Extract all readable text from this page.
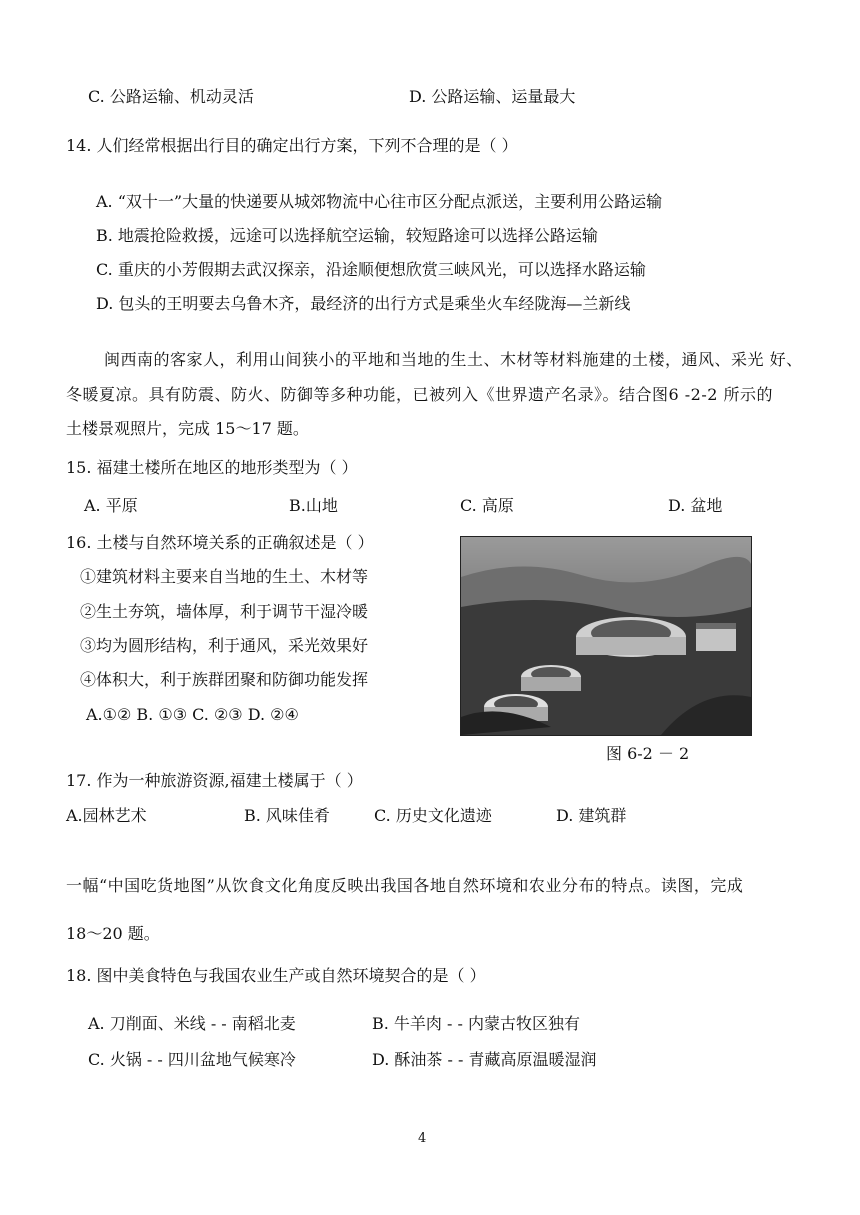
C. 公路运输、机动灵活	D. 公路运输、运量最大
14. 人们经常根据出行目的确定出行方案，下列不合理的是（ ）
A. “双十一”大量的快递要从城郊物流中心往市区分配点派送，主要利用公路运输
B. 地震抢险救援，远途可以选择航空运输，较短路途可以选择公路运输
C. 重庆的小芳假期去武汉探亲，沿途顺便想欣赏三峡风光，可以选择水路运输
D. 包头的王明要去乌鲁木齐，最经济的出行方式是乘坐火车经陇海—兰新线
闽西南的客家人，利用山间狭小的平地和当地的生土、木材等材料施建的土楼，通风、采光 好、
冬暖夏凉。具有防震、防火、防御等多种功能，已被列入《世界遗产名录》。结合图6 -2-2 所示的
土楼景观照片，完成 15～17 题。
15. 福建土楼所在地区的地形类型为（ ）
A. 平原	B.山地	C. 高原	D. 盆地
16. 土楼与自然环境关系的正确叙述是（ ）
①建筑材料主要来自当地的生土、木材等
②生土夯筑，墙体厚，利于调节干湿冷暖
③均为圆形结构，利于通风，采光效果好
④体积大，利于族群团聚和防御功能发挥
A.①② B. ①③ C. ②③ D. ②④
图 6-2 － 2
17. 作为一种旅游资源,福建土楼属于（ ）
A.园林艺术	B. 风味佳肴	C. 历史文化遗迹	D. 建筑群
一幅“中国吃货地图”从饮食文化角度反映出我国各地自然环境和农业分布的特点。读图，完成
18～20 题。
18. 图中美食特色与我国农业生产或自然环境契合的是（ ）
A. 刀削面、米线 - - 南稻北麦	B. 牛羊肉 - - 内蒙古牧区独有
C. 火锅 - - 四川盆地气候寒冷	D. 酥油茶 - - 青藏高原温暖湿润
4
